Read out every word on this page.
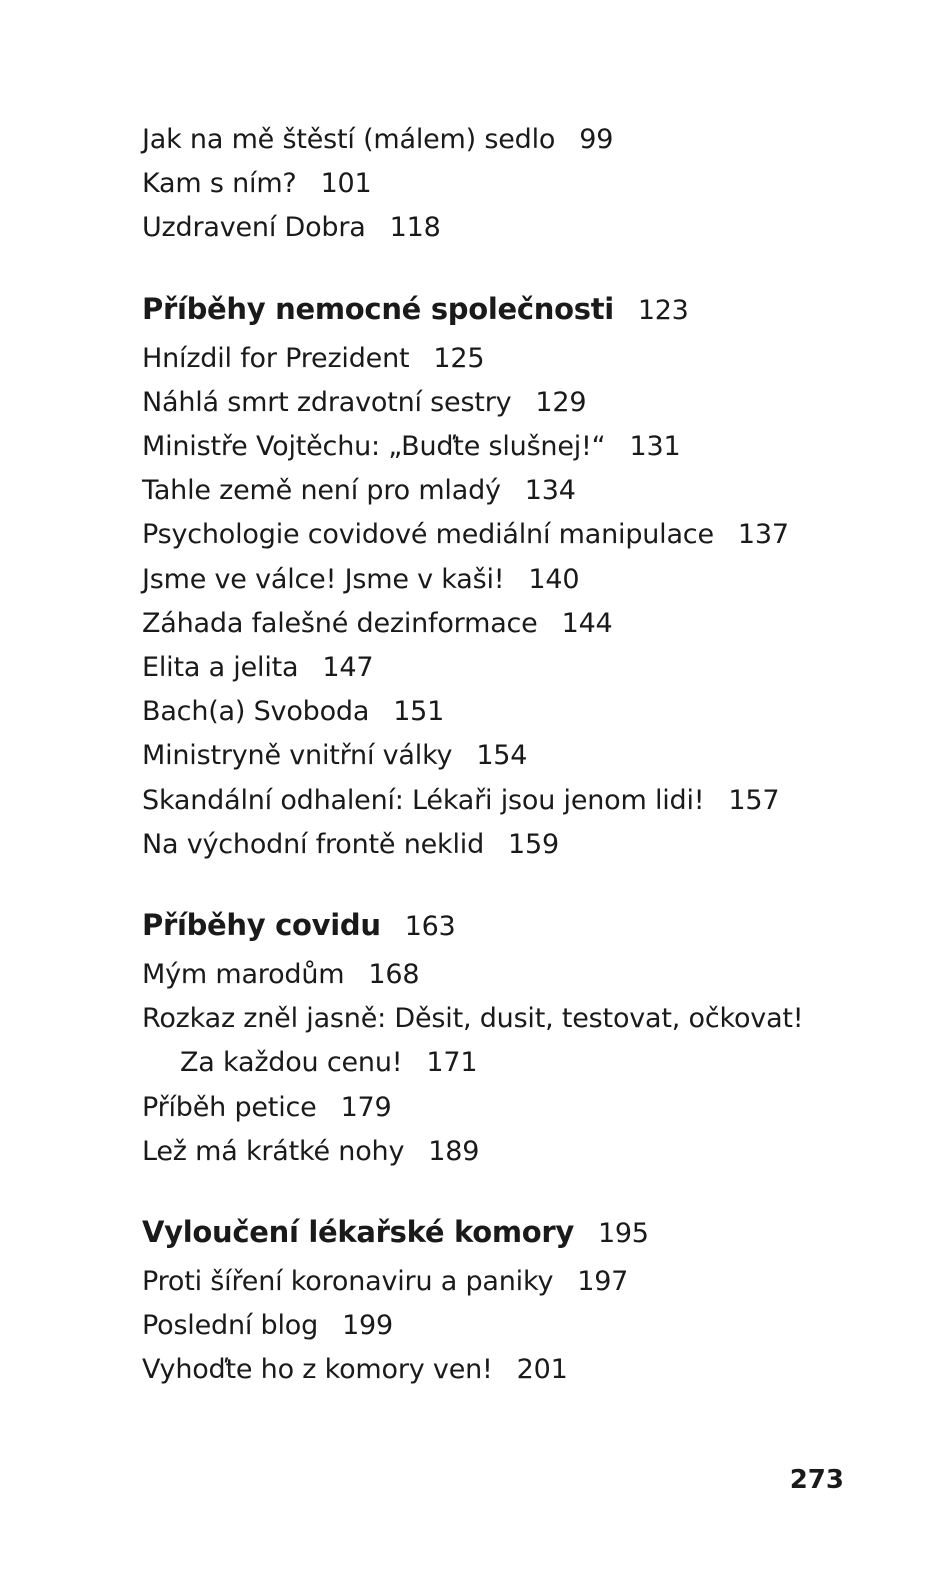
Jak na mě štěstí (málem) sedlo 99
Kam s ním? 101
Uzdravení Dobra 118
Příběhy nemocné společnosti 123
Hnízdil for Prezident 125
Náhlá smrt zdravotní sestry 129
Ministře Vojtěchu: „Buďte slušnej!“ 131
Tahle země není pro mladý 134
Psychologie covidové mediální manipulace 137
Jsme ve válce! Jsme v kaši! 140
Záhada falešné dezinformace 144
Elita a jelita 147
Bach(a) Svoboda 151
Ministryně vnitřní války 154
Skandální odhalení: Lékaři jsou jenom lidi! 157
Na východní frontě neklid 159
Příběhy covidu 163
Mým marodům 168
Rozkaz zněl jasně: Děsit, dusit, testovat, očkovat!
Za každou cenu! 171
Příběh petice 179
Lež má krátké nohy 189
Vyloučení lékařské komory 195
Proti šíření koronaviru a paniky 197
Poslední blog 199
Vyhoďte ho z komory ven! 201
273
